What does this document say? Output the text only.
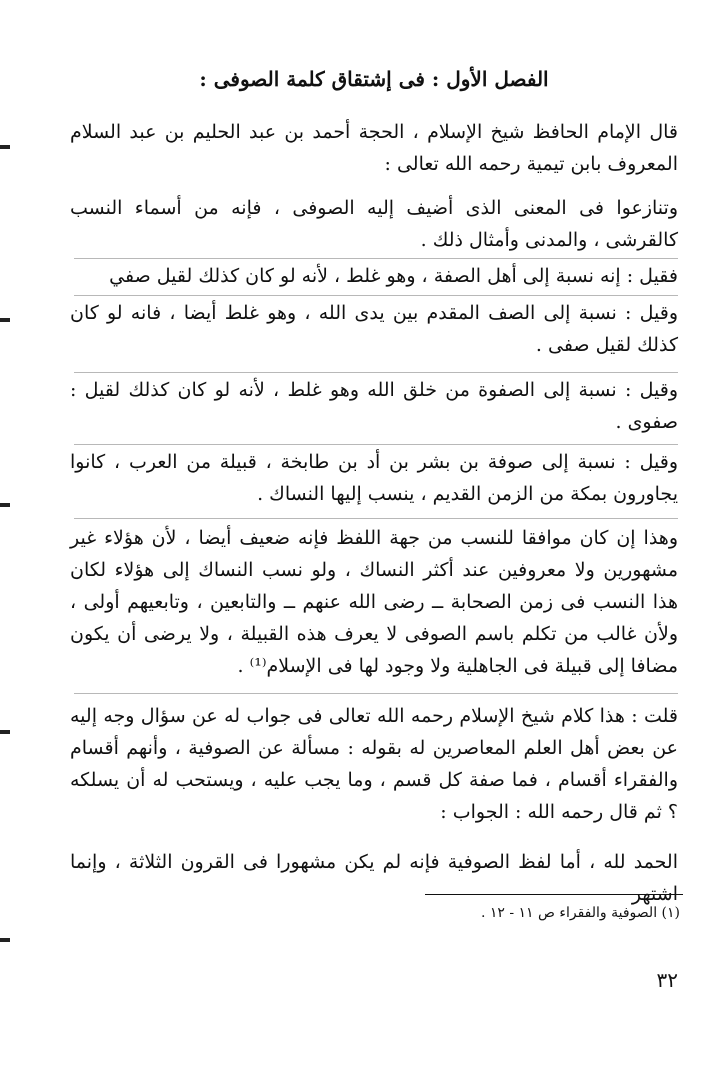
الفصل الأول : فى إشتقاق كلمة الصوفى :
قال الإمام الحافظ شيخ الإسلام ، الحجة أحمد بن عبد الحليم بن عبد السلام المعروف بابن تيمية رحمه الله تعالى :
وتنازعوا فى المعنى الذى أضيف إليه الصوفى ، فإنه من أسماء النسب كالقرشى ، والمدنى وأمثال ذلك .
فقيل : إنه نسبة إلى أهل الصفة ، وهو غلط ، لأنه لو كان كذلك لقيل صفي
وقيل : نسبة إلى الصف المقدم بين يدى الله ، وهو غلط أيضا ، فانه لو كان كذلك لقيل صفى .
وقيل : نسبة إلى الصفوة من خلق الله وهو غلط ، لأنه لو كان كذلك لقيل : صفوى .
وقيل : نسبة إلى صوفة بن بشر بن أد بن طابخة ، قبيلة من العرب ، كانوا يجاورون بمكة من الزمن القديم ، ينسب إليها النساك .
وهذا إن كان موافقا للنسب من جهة اللفظ فإنه ضعيف أيضا ، لأن هؤلاء غير مشهورين ولا معروفين عند أكثر النساك ، ولو نسب النساك إلى هؤلاء لكان هذا النسب فى زمن الصحابة ــ رضى الله عنهم ــ والتابعين ، وتابعيهم أولى ، ولأن غالب من تكلم باسم الصوفى لا يعرف هذه القبيلة ، ولا يرضى أن يكون مضافا إلى قبيلة فى الجاهلية ولا وجود لها فى الإسلام⁽¹⁾ .
قلت : هذا كلام شيخ الإسلام رحمه الله تعالى فى جواب له عن سؤال وجه إليه عن بعض أهل العلم المعاصرين له بقوله : مسألة عن الصوفية ، وأنهم أقسام والفقراء أقسام ، فما صفة كل قسم ، وما يجب عليه ، ويستحب له أن يسلكه ؟ ثم قال رحمه الله : الجواب :
الحمد لله ، أما لفظ الصوفية فإنه لم يكن مشهورا فى القرون الثلاثة ، وإنما اشتهر
(١) الصوفية والفقراء ص ١١ - ١٢ .
٣٢
